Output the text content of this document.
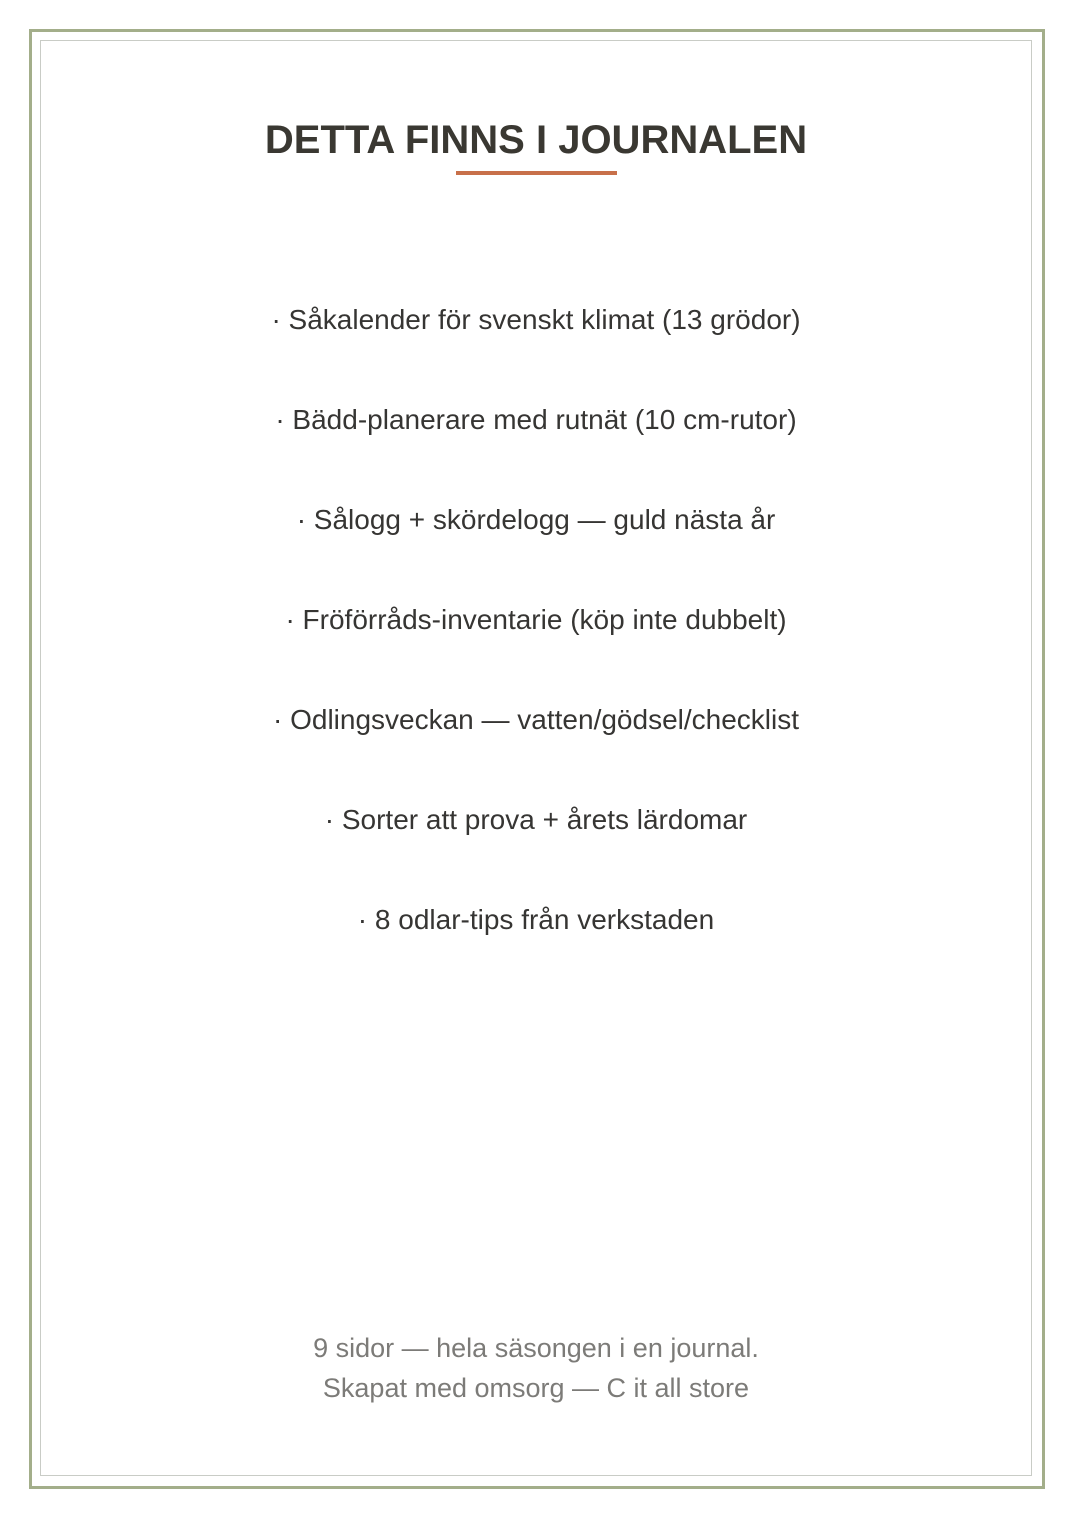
DETTA FINNS I JOURNALEN
· Såkalender för svenskt klimat (13 grödor)
· Bädd-planerare med rutnät (10 cm-rutor)
· Sålogg + skördelogg — guld nästa år
· Fröförråds-inventarie (köp inte dubbelt)
· Odlingsveckan — vatten/gödsel/checklist
· Sorter att prova + årets lärdomar
· 8 odlar-tips från verkstaden
9 sidor — hela säsongen i en journal.
Skapat med omsorg — C it all store
